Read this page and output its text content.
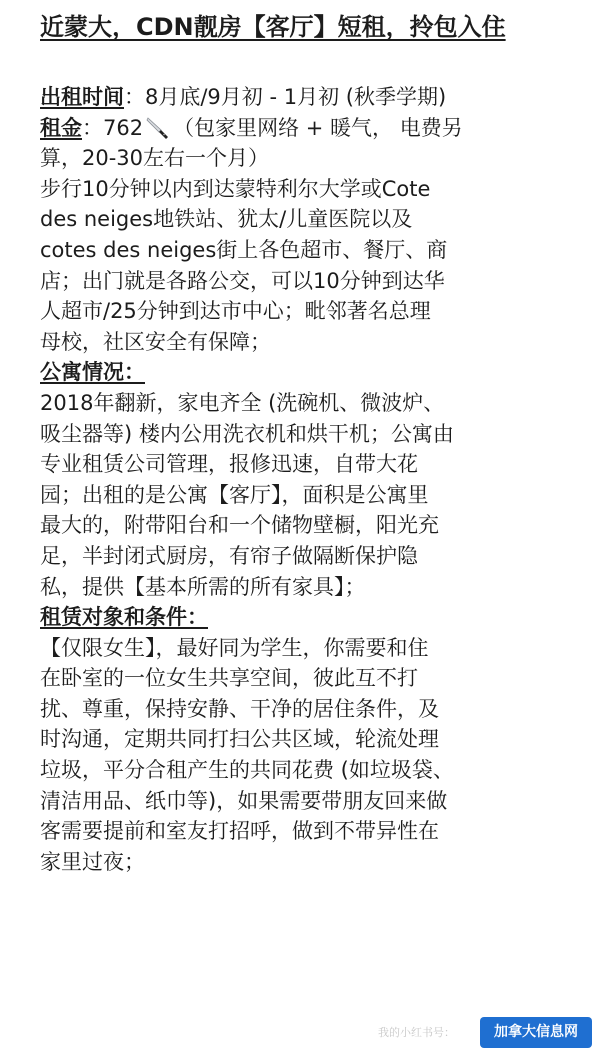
近蒙大，CDN靓房【客厅】短租，拎包入住
出租时间：8月底/9月初 - 1月初 (秋季学期)
租金：762 （包家里网络 + 暖气， 电费另
算，20-30左右一个月）
步行10分钟以内到达蒙特利尔大学或Cote
des neiges地铁站、犹太/儿童医院以及
cotes des neiges街上各色超市、餐厅、商
店；出门就是各路公交，可以10分钟到达华
人超市/25分钟到达市中心；毗邻著名总理
母校，社区安全有保障；
公寓情况：
2018年翻新，家电齐全 (洗碗机、微波炉、
吸尘器等) 楼内公用洗衣机和烘干机；公寓由
专业租赁公司管理，报修迅速，自带大花
园；出租的是公寓【客厅】，面积是公寓里
最大的，附带阳台和一个储物壁橱，阳光充
足，半封闭式厨房，有帘子做隔断保护隐
私，提供【基本所需的所有家具】；
租赁对象和条件：
【仅限女生】，最好同为学生，你需要和住
在卧室的一位女生共享空间，彼此互不打
扰、尊重，保持安静、干净的居住条件，及
时沟通，定期共同打扫公共区域，轮流处理
垃圾，平分合租产生的共同花费 (如垃圾袋、
清洁用品、纸巾等)，如果需要带朋友回来做
客需要提前和室友打招呼，做到不带异性在
家里过夜；
我的小红书号：	加拿大信息网
